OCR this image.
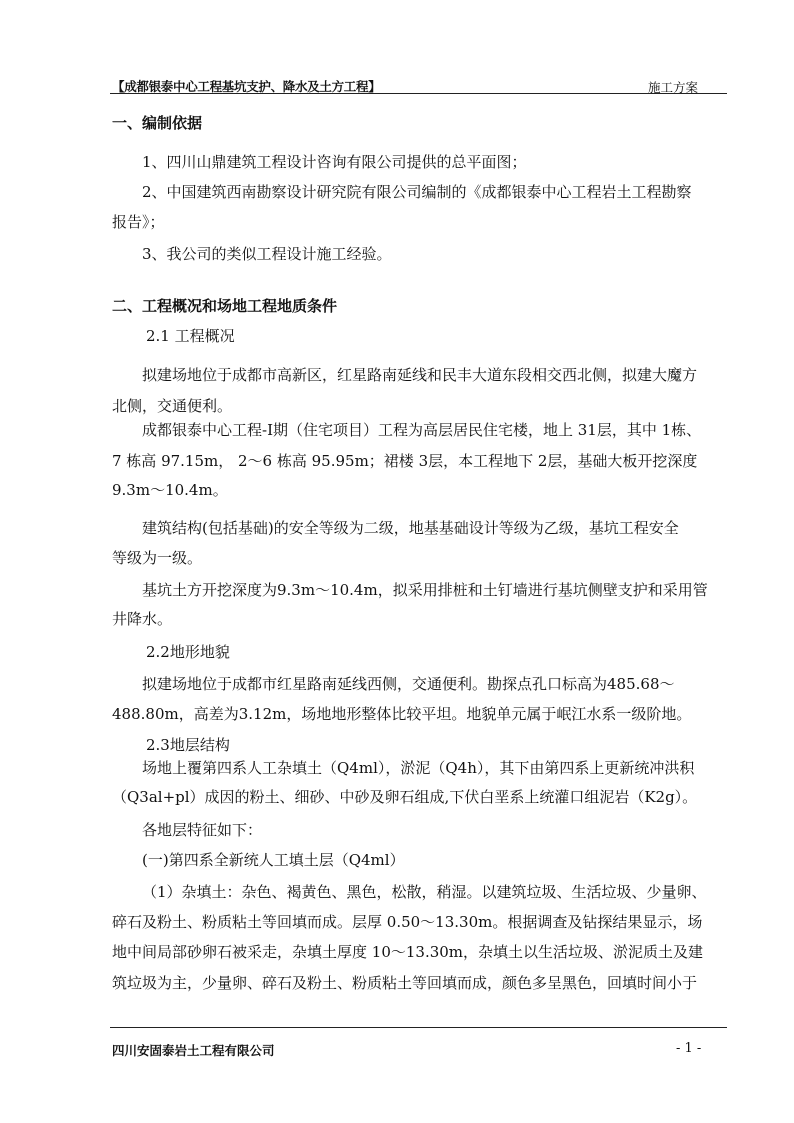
【成都银泰中心工程基坑支护、降水及土方工程】	施工方案
一、编制依据
1、四川山鼎建筑工程设计咨询有限公司提供的总平面图；
2、中国建筑西南勘察设计研究院有限公司编制的《成都银泰中心工程岩土工程勘察
报告》；
3、我公司的类似工程设计施工经验。
二、工程概况和场地工程地质条件
2.1 工程概况
拟建场地位于成都市高新区，红星路南延线和民丰大道东段相交西北侧，拟建大魔方
北侧，交通便利。
成都银泰中心工程-Ⅰ期（住宅项目）工程为高层居民住宅楼，地上 31层，其中 1栋、
7 栋高 97.15m， 2～6 栋高 95.95m；裙楼 3层，本工程地下 2层，基础大板开挖深度
9.3m～10.4m。
建筑结构(包括基础)的安全等级为二级，地基基础设计等级为乙级，基坑工程安全
等级为一级。
基坑土方开挖深度为9.3m～10.4m，拟采用排桩和土钉墙进行基坑侧壁支护和采用管
井降水。
2.2地形地貌
拟建场地位于成都市红星路南延线西侧，交通便利。勘探点孔口标高为485.68～
488.80m，高差为3.12m，场地地形整体比较平坦。地貌单元属于岷江水系一级阶地。
2.3地层结构
场地上覆第四系人工杂填土（Q4ml），淤泥（Q4h），其下由第四系上更新统冲洪积
（Q3al+pl）成因的粉土、细砂、中砂及卵石组成,下伏白垩系上统灌口组泥岩（K2g）。
各地层特征如下：
(一)第四系全新统人工填土层（Q4ml）
（1）杂填土：杂色、褐黄色、黑色，松散，稍湿。以建筑垃圾、生活垃圾、少量卵、
碎石及粉土、粉质粘土等回填而成。层厚 0.50～13.30m。根据调查及钻探结果显示，场
地中间局部砂卵石被采走，杂填土厚度 10～13.30m，杂填土以生活垃圾、淤泥质土及建
筑垃圾为主，少量卵、碎石及粉土、粉质粘土等回填而成，颜色多呈黑色，回填时间小于
四川安固泰岩土工程有限公司	- 1 -
